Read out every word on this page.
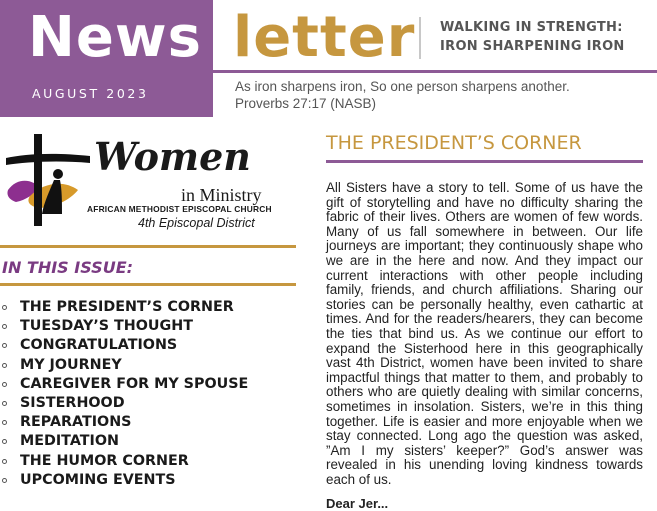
News
AUGUST 2023
letter WALKING IN STRENGTH:
IRON SHARPENING IRON
As iron sharpens iron, So one person sharpens another.
Proverbs 27:17 (NASB)
Women
in Ministry
AFRICAN METHODIST EPISCOPAL CHURCH
4th Episcopal District
IN THIS ISSUE:
THE PRESIDENT’S CORNER
TUESDAY’S THOUGHT
CONGRATULATIONS
MY JOURNEY
CAREGIVER FOR MY SPOUSE
SISTERHOOD
REPARATIONS
MEDITATION
THE HUMOR CORNER
UPCOMING EVENTS
THE PRESIDENT’S CORNER

All Sisters have a story to tell. Some of us have the gift of storytelling and have no difficulty sharing the fabric of their lives. Others are women of few words. Many of us fall somewhere in between. Our life journeys are important; they continuously shape who we are in the here and now. And they impact our current interactions with other people including family, friends, and church affiliations. Sharing our stories can be personally healthy, even cathartic at times. And for the readers/hearers, they can become the ties that bind us. As we continue our effort to expand the Sisterhood here in this geographically vast 4th District, women have been invited to share impactful things that matter to them, and probably to others who are quietly dealing with similar concerns, sometimes in insolation. Sisters, we’re in this thing together. Life is easier and more enjoyable when we stay connected. Long ago the question was asked, ”Am I my sisters’ keeper?” God’s answer was revealed in his unending loving kindness towards each of us.

Dear Jer...
